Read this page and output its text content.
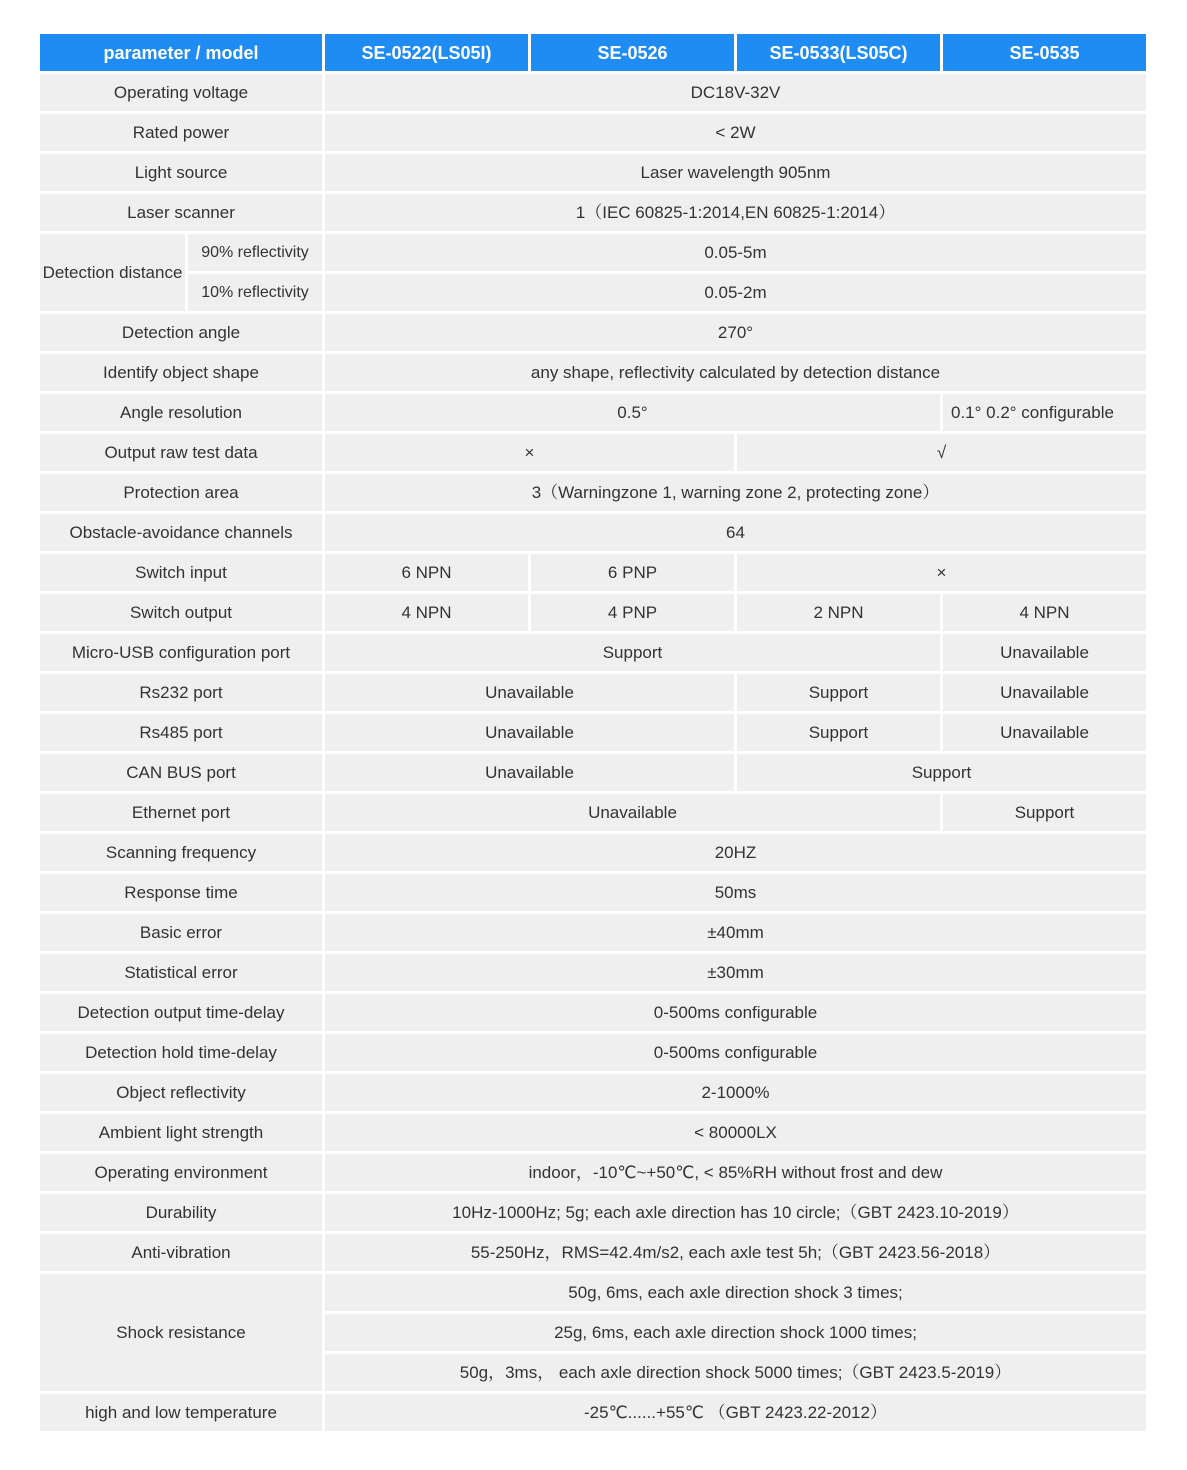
parameter / model		SE-0522(LS05I)	SE-0526	SE-0533(LS05C)	SE-0535
Operating voltage		DC18V-32V			
Rated power		< 2W			
Light source		Laser wavelength 905nm			
Laser scanner		1（IEC 60825-1:2014,EN 60825-1:2014）			
Detection distance	90% reflectivity	0.05-5m			
	10% reflectivity	0.05-2m			
Detection angle		270°			
Identify object shape		any shape, reflectivity calculated by detection distance			
Angle resolution		0.5°			0.1° 0.2° configurable
Output raw test data		×		√	
Protection area		3（Warningzone 1, warning zone 2, protecting zone）			
Obstacle-avoidance channels		64			
Switch input		6 NPN	6 PNP	×	
Switch output		4 NPN	4 PNP	2 NPN	4 NPN
Micro-USB configuration port		Support			Unavailable
Rs232 port		Unavailable		Support	Unavailable
Rs485 port		Unavailable		Support	Unavailable
CAN BUS port		Unavailable		Support	
Ethernet port		Unavailable			Support
Scanning frequency		20HZ			
Response time		50ms			
Basic error		±40mm			
Statistical error		±30mm			
Detection output time-delay		0-500ms configurable			
Detection hold time-delay		0-500ms configurable			
Object reflectivity		2-1000%			
Ambient light strength		< 80000LX			
Operating environment		indoor，-10℃~+50℃, < 85%RH without frost and dew			
Durability		10Hz-1000Hz; 5g; each axle direction has 10 circle;（GBT 2423.10-2019）			
Anti-vibration		55-250Hz，RMS=42.4m/s2, each axle test 5h;（GBT 2423.56-2018）			
Shock resistance		50g, 6ms, each axle direction shock 3 times;			
		25g, 6ms, each axle direction shock 1000 times;			
		50g，3ms， each axle direction shock 5000 times;（GBT 2423.5-2019）			
high and low temperature		-25℃......+55℃ （GBT 2423.22-2012）			
